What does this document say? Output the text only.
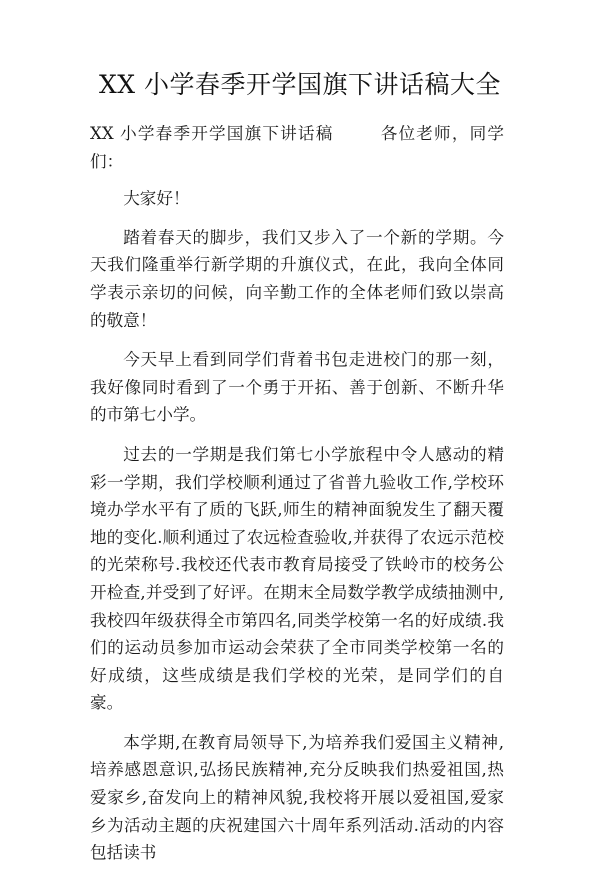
XX 小学春季开学国旗下讲话稿大全

XX 小学春季开学国旗下讲话稿	各位老师，同学们：

大家好！

踏着春天的脚步，我们又步入了一个新的学期。今天我们隆重举行新学期的升旗仪式，在此，我向全体同学表示亲切的问候，向辛勤工作的全体老师们致以崇高的敬意！

今天早上看到同学们背着书包走进校门的那一刻，我好像同时看到了一个勇于开拓、善于创新、不断升华的市第七小学。

过去的一学期是我们第七小学旅程中令人感动的精彩一学期，我们学校顺利通过了省普九验收工作,学校环境办学水平有了质的飞跃,师生的精神面貌发生了翻天覆地的变化.顺利通过了农远检查验收,并获得了农远示范校的光荣称号.我校还代表市教育局接受了铁岭市的校务公开检查,并受到了好评。在期末全局数学教学成绩抽测中,我校四年级获得全市第四名,同类学校第一名的好成绩.我们的运动员参加市运动会荣获了全市同类学校第一名的好成绩，这些成绩是我们学校的光荣，是同学们的自豪。

本学期,在教育局领导下,为培养我们爱国主义精神,培养感恩意识,弘扬民族精神,充分反映我们热爱祖国,热爱家乡,奋发向上的精神风貌,我校将开展以爱祖国,爱家乡为活动主题的庆祝建国六十周年系列活动.活动的内容包括读书
